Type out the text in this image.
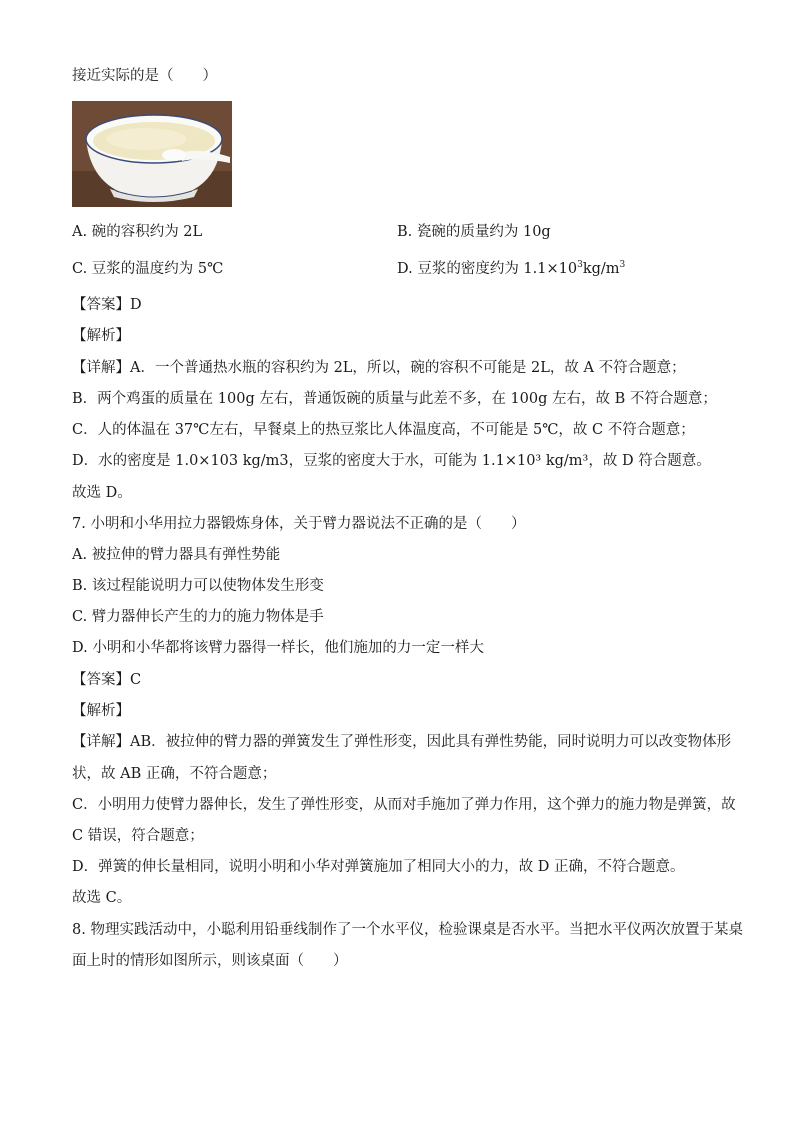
接近实际的是（　　）
A. 碗的容积约为 2L	B. 瓷碗的质量约为 10g
C. 豆浆的温度约为 5℃	D. 豆浆的密度约为 $1.1\times 10^3kg/m^3$
【答案】D
【解析】
【详解】A．一个普通热水瓶的容积约为 2L，所以，碗的容积不可能是 2L，故 A 不符合题意；
B．两个鸡蛋的质量在 100g 左右，普通饭碗的质量与此差不多，在 100g 左右，故 B 不符合题意；
C．人的体温在 37℃左右，早餐桌上的热豆浆比人体温度高，不可能是 5℃，故 C 不符合题意；
D．水的密度是 1.0×103 kg/m3，豆浆的密度大于水，可能为 1.1×10³ kg/m³，故 D 符合题意。
故选 D。
7. 小明和小华用拉力器锻炼身体，关于臂力器说法不正确的是（　　）
A. 被拉伸的臂力器具有弹性势能
B. 该过程能说明力可以使物体发生形变
C. 臂力器伸长产生的力的施力物体是手
D. 小明和小华都将该臂力器得一样长，他们施加的力一定一样大
【答案】C
【解析】
【详解】AB．被拉伸的臂力器的弹簧发生了弹性形变，因此具有弹性势能，同时说明力可以改变物体形
状，故 AB 正确，不符合题意；
C．小明用力使臂力器伸长，发生了弹性形变，从而对手施加了弹力作用，这个弹力的施力物是弹簧，故
C 错误，符合题意；
D．弹簧的伸长量相同，说明小明和小华对弹簧施加了相同大小的力，故 D 正确，不符合题意。
故选 C。
8. 物理实践活动中，小聪利用铅垂线制作了一个水平仪，检验课桌是否水平。当把水平仪两次放置于某桌
面上时的情形如图所示，则该桌面（　　）
